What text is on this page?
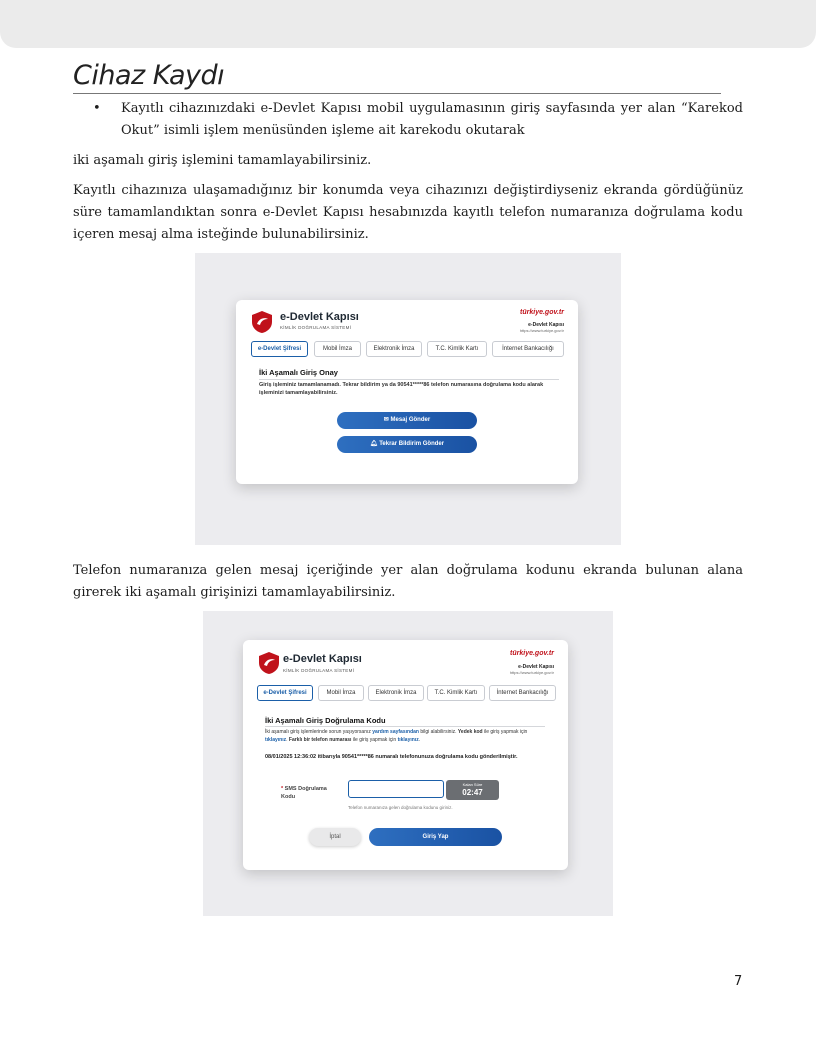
Cihaz Kaydı
• Kayıtlı cihazınızdaki e-Devlet Kapısı mobil uygulamasının giriş sayfasında yer alan “Karekod Okut” isimli işlem menüsünden işleme ait karekodu okutarak

iki aşamalı giriş işlemini tamamlayabilirsiniz.

Kayıtlı cihazınıza ulaşamadığınız bir konumda veya cihazınızı değiştirdiyseniz ekranda gördüğünüz süre tamamlandıktan sonra e-Devlet Kapısı hesabınızda kayıtlı telefon numaranıza doğrulama kodu içeren mesaj alma isteğinde bulunabilirsiniz.

e-Devlet Kapısı
KİMLİK DOĞRULAMA SİSTEMİ
türkiye.gov.tr
e-Devlet Kapısı
https://www.turkiye.gov.tr
e-Devlet Şifresi	Mobil İmza	Elektronik İmza	T.C. Kimlik Kartı	İnternet Bankacılığı
İki Aşamalı Giriş Onay
Giriş işleminiz tamamlanamadı. Tekrar bildirim ya da 90541*****86 telefon numarasına doğrulama kodu alarak işleminizi tamamlayabilirsiniz.
✉ Mesaj Gönder
🔔︎ Tekrar Bildirim Gönder

Telefon numaranıza gelen mesaj içeriğinde yer alan doğrulama kodunu ekranda bulunan alana girerek iki aşamalı girişinizi tamamlayabilirsiniz.

e-Devlet Kapısı
KİMLİK DOĞRULAMA SİSTEMİ
türkiye.gov.tr
e-Devlet Kapısı
https://www.turkiye.gov.tr
e-Devlet Şifresi	Mobil İmza	Elektronik İmza	T.C. Kimlik Kartı	İnternet Bankacılığı
İki Aşamalı Giriş Doğrulama Kodu
İki aşamalı giriş işlemlerinde sorun yaşıyorsanız yardım sayfasından bilgi alabilirsiniz. Yedek kod ile giriş yapmak için tıklayınız. Farklı bir telefon numarası ile giriş yapmak için tıklayınız.
08/01/2025 12:36:02 itibarıyla 90541*****86 numaralı telefonunuza doğrulama kodu gönderilmiştir.
* SMS Doğrulama Kodu
Kalan Süre
02:47
Telefon numaranıza gelen doğrulama kodunu giriniz.
İptal	Giriş Yap
7
